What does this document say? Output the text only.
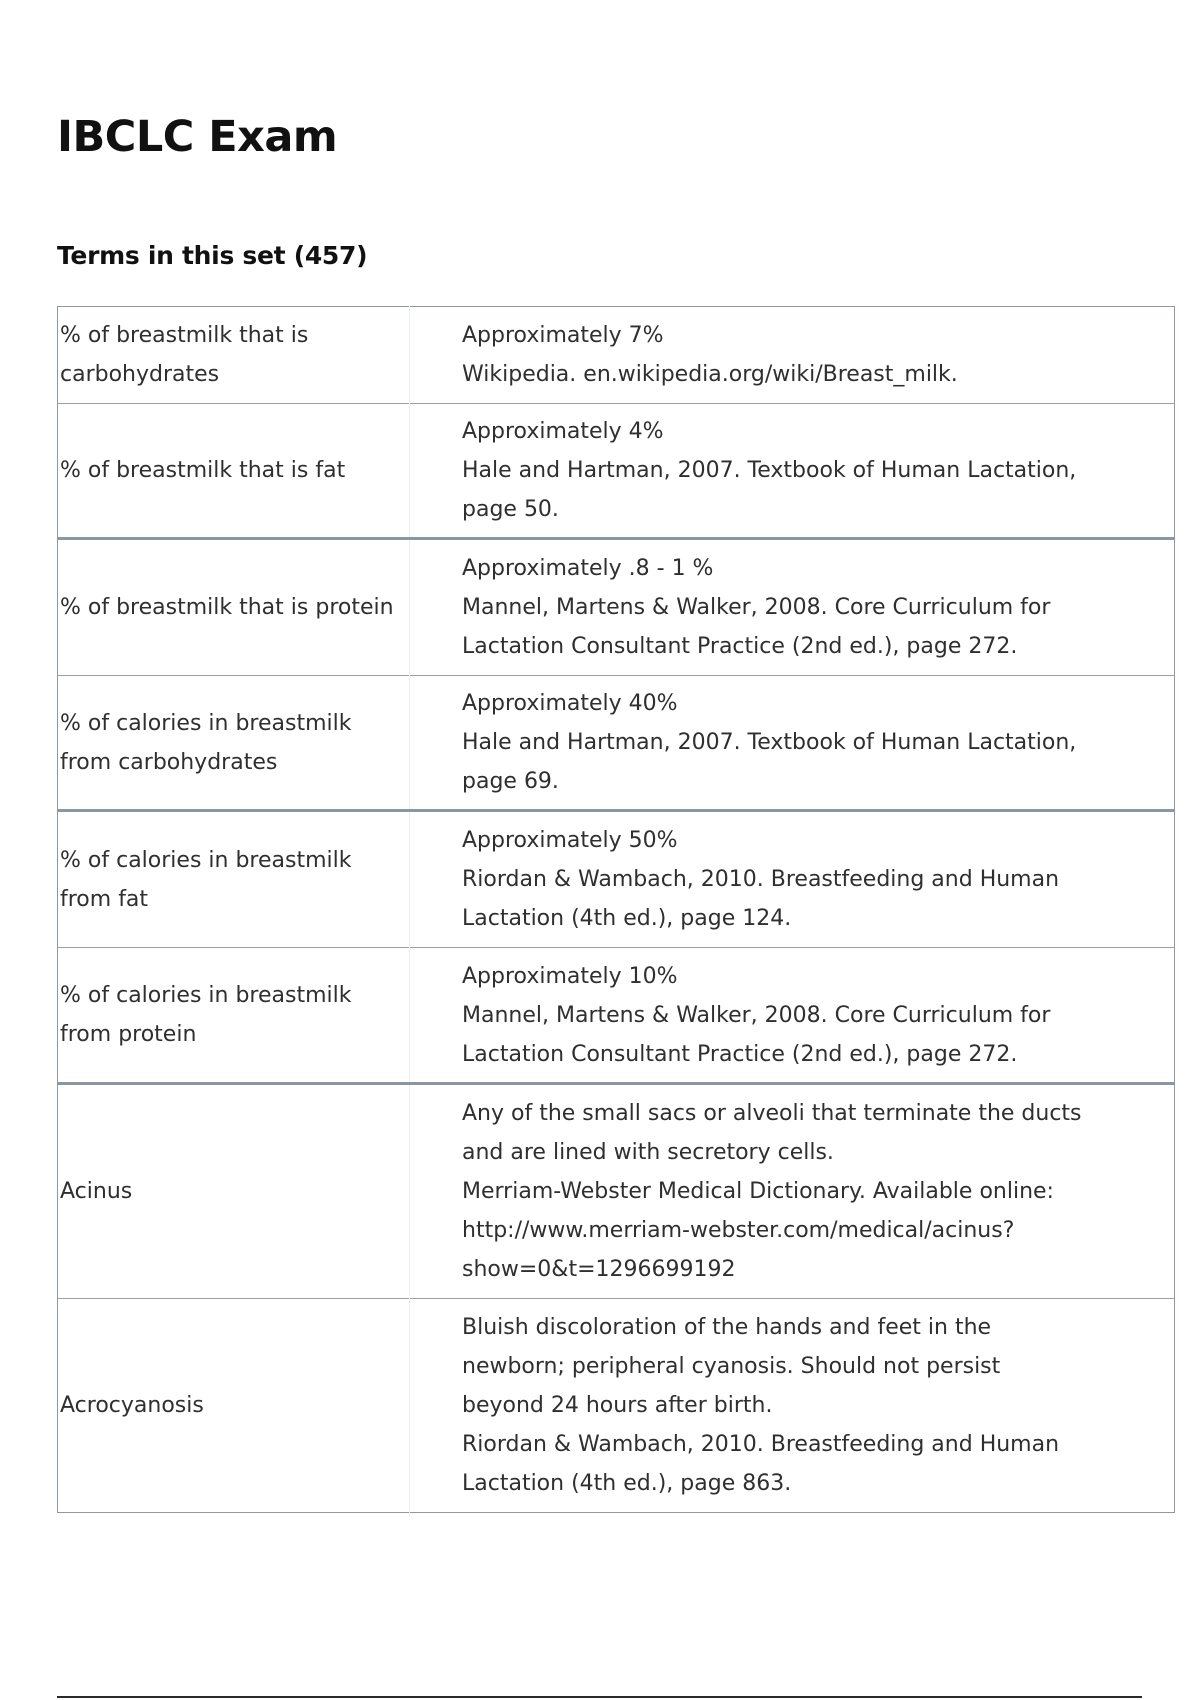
IBCLC Exam
Terms in this set (457)
% of breastmilk that is carbohydrates	Approximately 7%
Wikipedia. en.wikipedia.org/wiki/Breast_milk.

% of breastmilk that is fat	Approximately 4%
Hale and Hartman, 2007. Textbook of Human Lactation,
page 50.

% of breastmilk that is protein	Approximately .8 - 1 %
Mannel, Martens & Walker, 2008. Core Curriculum for
Lactation Consultant Practice (2nd ed.), page 272.

% of calories in breastmilk from carbohydrates	Approximately 40%
Hale and Hartman, 2007. Textbook of Human Lactation,
page 69.

% of calories in breastmilk from fat	Approximately 50%
Riordan & Wambach, 2010. Breastfeeding and Human
Lactation (4th ed.), page 124.

% of calories in breastmilk from protein	Approximately 10%
Mannel, Martens & Walker, 2008. Core Curriculum for
Lactation Consultant Practice (2nd ed.), page 272.

Acinus	Any of the small sacs or alveoli that terminate the ducts
and are lined with secretory cells.
Merriam-Webster Medical Dictionary. Available online:
http://www.merriam-webster.com/medical/acinus?
show=0&t=1296699192

Acrocyanosis	Bluish discoloration of the hands and feet in the
newborn; peripheral cyanosis. Should not persist
beyond 24 hours after birth.
Riordan & Wambach, 2010. Breastfeeding and Human
Lactation (4th ed.), page 863.
